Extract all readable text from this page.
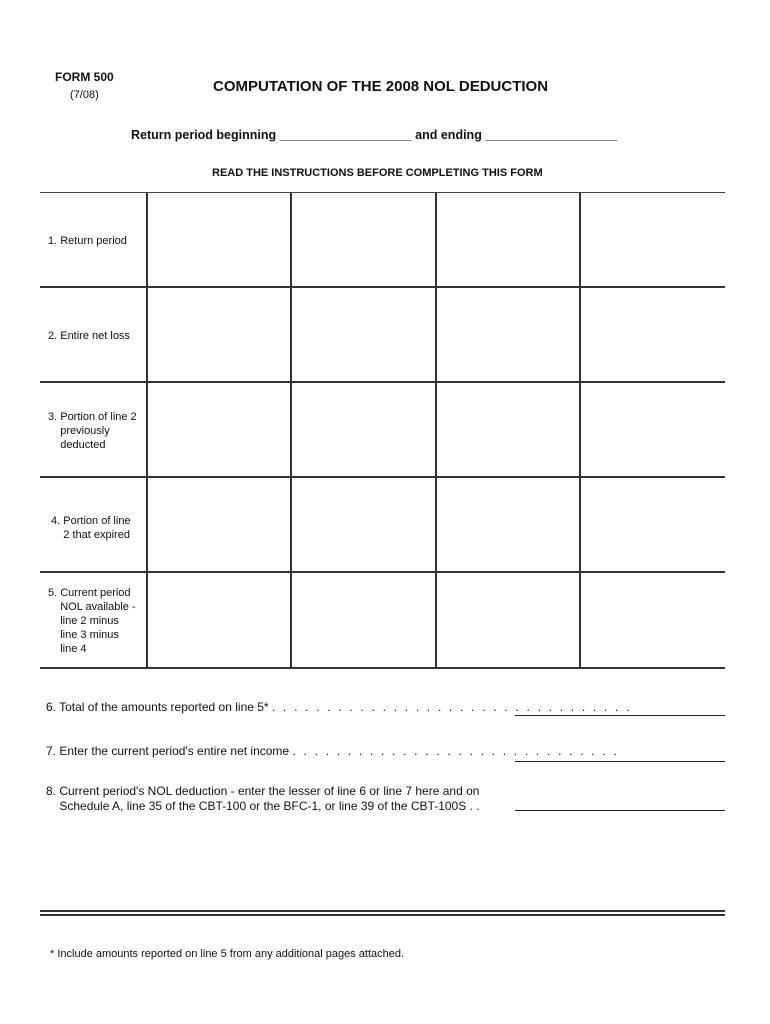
FORM 500
(7/08)	COMPUTATION OF THE 2008 NOL DEDUCTION
Return period beginning ___________________ and ending ___________________
READ THE INSTRUCTIONS BEFORE COMPLETING THIS FORM
1. Return period
2. Entire net loss
3. Portion of line 2
previously
deducted
4. Portion of line
2 that expired
5. Current period
NOL available -
line 2 minus
line 3 minus
line 4
6. Total of the amounts reported on line 5* . . . . . . . . . . . . . . . . . . . . . . . . . . . . . . . . .
7. Enter the current period's entire net income . . . . . . . . . . . . . . . . . . . . . . . . . . . . . .
8. Current period's NOL deduction - enter the lesser of line 6 or line 7 here and on
Schedule A, line 35 of the CBT-100 or the BFC-1, or line 39 of the CBT-100S . .
* Include amounts reported on line 5 from any additional pages attached.
